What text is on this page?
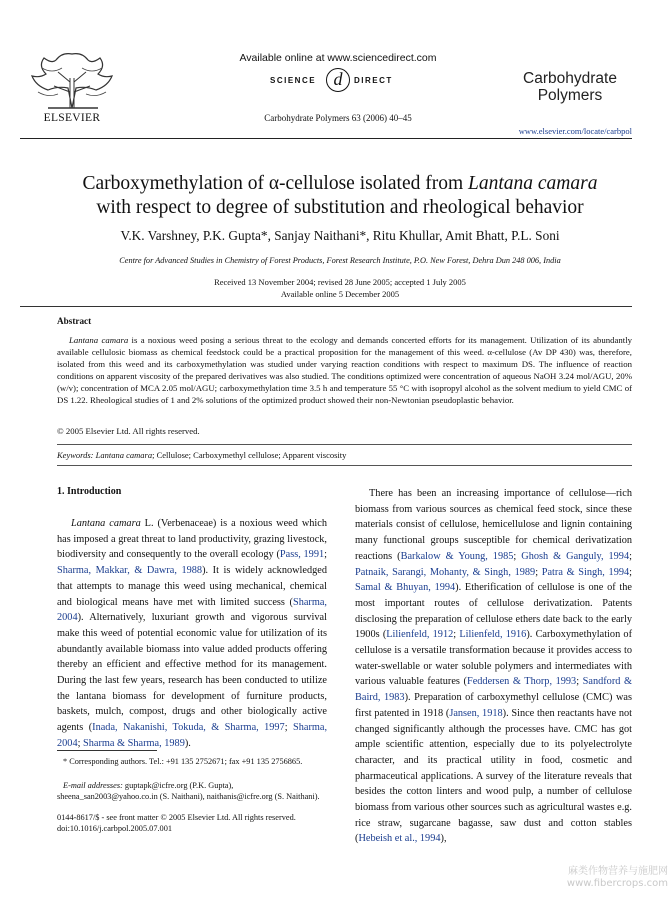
ELSEVIER
Available online at www.sciencedirect.com
SCIENCE d	DIRECT
Carbohydrate Polymers 63 (2006) 40–45
Carbohydrate
Polymers
www.elsevier.com/locate/carbpol
Carboxymethylation of α-cellulose isolated from Lantana camara
with respect to degree of substitution and rheological behavior
V.K. Varshney, P.K. Gupta*, Sanjay Naithani*, Ritu Khullar, Amit Bhatt, P.L. Soni
Centre for Advanced Studies in Chemistry of Forest Products, Forest Research Institute, P.O. New Forest, Dehra Dun 248 006, India
Received 13 November 2004; revised 28 June 2005; accepted 1 July 2005
Available online 5 December 2005
Abstract
Lantana camara is a noxious weed posing a serious threat to the ecology and demands concerted efforts for its management. Utilization of its abundantly available cellulosic biomass as chemical feedstock could be a practical proposition for the management of this weed. α-cellulose (Av DP 430) was, therefore, isolated from this weed and its carboxymethylation was studied under varying reaction conditions with respect to maximum DS. The influence of reaction conditions on apparent viscosity of the prepared derivatives was also studied. The conditions optimized were concentration of aqueous NaOH 3.24 mol/AGU, 20% (w/v); concentration of MCA 2.05 mol/AGU; carboxymethylation time 3.5 h and temperature 55 °C with isopropyl alcohol as the solvent medium to yield CMC of DS 1.22. Rheological studies of 1 and 2% solutions of the optimized product showed their non-Newtonian pseudoplastic behavior.
© 2005 Elsevier Ltd. All rights reserved.
Keywords: Lantana camara; Cellulose; Carboxymethyl cellulose; Apparent viscosity
1. Introduction

Lantana camara L. (Verbenaceae) is a noxious weed which has imposed a great threat to land productivity, grazing livestock, biodiversity and consequently to the overall ecology (Pass, 1991; Sharma, Makkar, & Dawra, 1988). It is widely acknowledged that attempts to manage this weed using mechanical, chemical and biological means have met with limited success (Sharma, 2004). Alternatively, luxuriant growth and vigorous survival make this weed of potential economic value for utilization of its abundantly available biomass into value added products offering thereby an efficient and effective method for its management. During the last few years, research has been conducted to utilize the lantana biomass for development of furniture products, baskets, mulch, compost, drugs and other biologically active agents (Inada, Nakanishi, Tokuda, & Sharma, 1997; Sharma, 2004; Sharma & Sharma, 1989).

There has been an increasing importance of cellulose—rich biomass from various sources as chemical feed stock, since these materials consist of cellulose, hemicellulose and lignin containing many functional groups susceptible for chemical derivatization reactions (Barkalow & Young, 1985; Ghosh & Ganguly, 1994; Patnaik, Sarangi, Mohanty, & Singh, 1989; Patra & Singh, 1994; Samal & Bhuyan, 1994). Etherification of cellulose is one of the most important routes of cellulose derivatization. Patents disclosing the preparation of cellulose ethers date back to the early 1900s (Lilienfeld, 1912; Lilienfeld, 1916). Carboxymethylation of cellulose is a versatile transformation because it provides access to water-swellable or water soluble polymers and intermediates with various valuable features (Feddersen & Thorp, 1993; Sandford & Baird, 1983). Preparation of carboxymethyl cellulose (CMC) was first patented in 1918 (Jansen, 1918). Since then reactants have not changed significantly although the processes have. CMC has got ample scientific attention, especially due to its polyelectrolyte character, and its practical utility in food, cosmetic and pharmaceutical applications. A survey of the literature reveals that besides the cotton linters and wood pulp, a number of cellulose biomass from various other sources such as agricultural wastes e.g. rice straw, sugarcane bagasse, saw dust and cotton stables (Hebeish et al., 1994),

* Corresponding authors. Tel.: +91 135 2752671; fax +91 135 2756865.
E-mail addresses: guptapk@icfre.org (P.K. Gupta), sheena_san2003@yahoo.co.in (S. Naithani), naithanis@icfre.org (S. Naithani).
0144-8617/$ - see front matter © 2005 Elsevier Ltd. All rights reserved.
doi:10.1016/j.carbpol.2005.07.001
麻类作物营养与施肥网
www.fibercrops.com
